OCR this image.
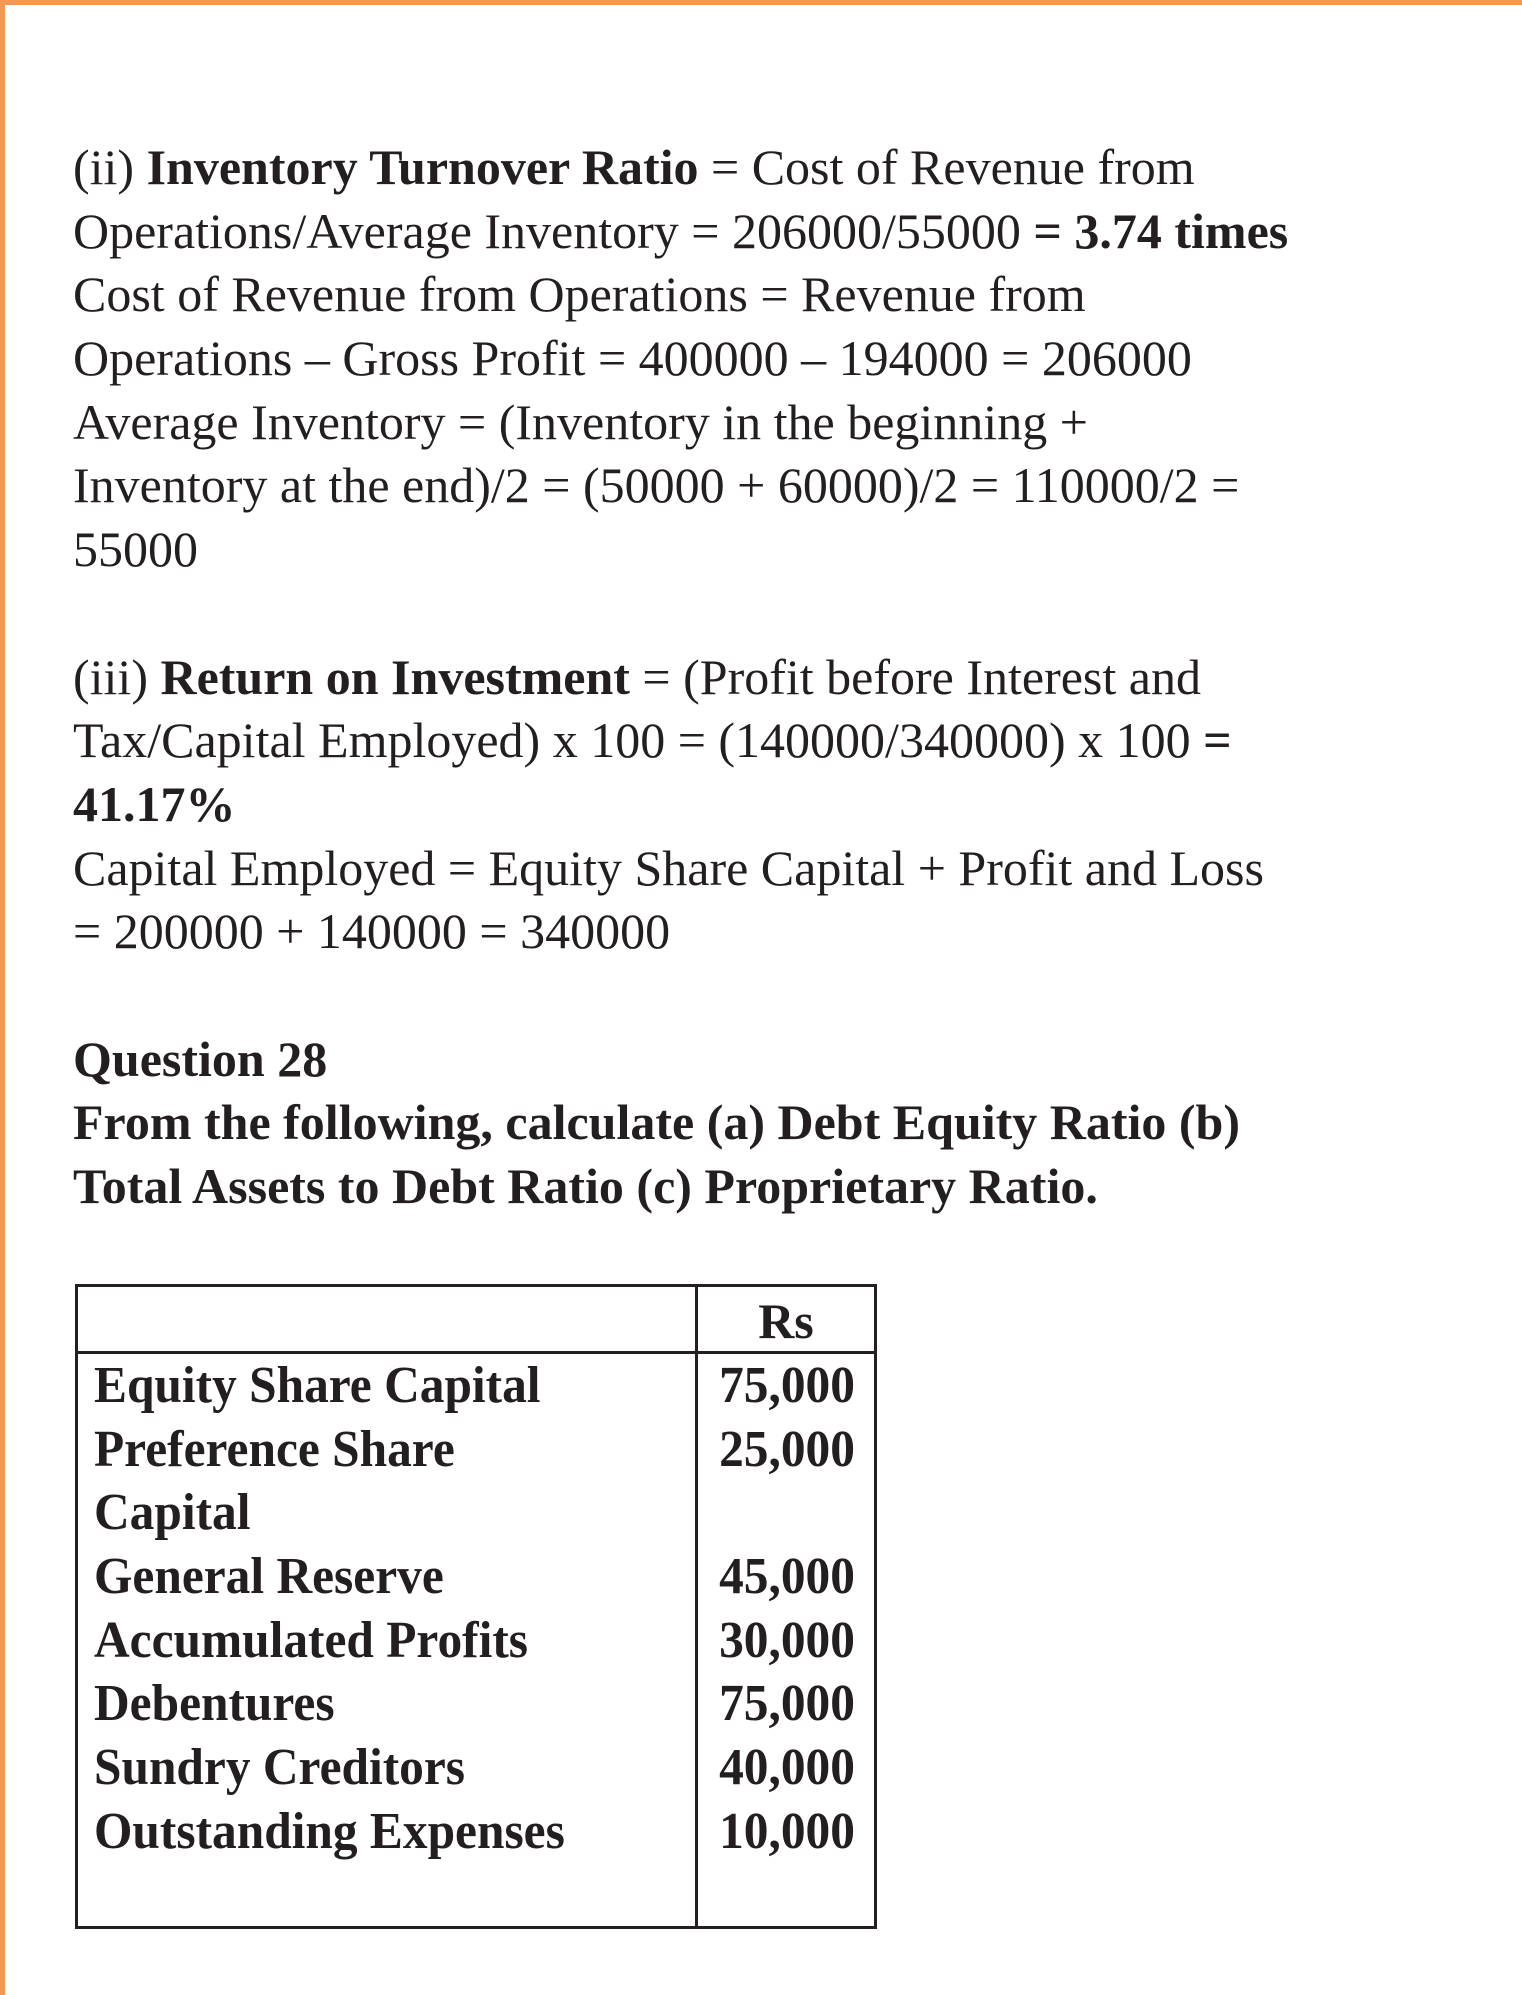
(ii) Inventory Turnover Ratio = Cost of Revenue from
Operations/Average Inventory = 206000/55000 = 3.74 times
Cost of Revenue from Operations = Revenue from
Operations – Gross Profit = 400000 – 194000 = 206000
Average Inventory = (Inventory in the beginning +
Inventory at the end)/2 = (50000 + 60000)/2 = 110000/2 =
55000
(iii) Return on Investment = (Profit before Interest and
Tax/Capital Employed) x 100 = (140000/340000) x 100 =
41.17%
Capital Employed = Equity Share Capital + Profit and Loss
= 200000 + 140000 = 340000
Question 28
From the following, calculate (a) Debt Equity Ratio (b)
Total Assets to Debt Ratio (c) Proprietary Ratio.
Rs
Equity Share Capital	75,000
Preference Share	25,000
Capital
General Reserve	45,000
Accumulated Profits	30,000
Debentures	75,000
Sundry Creditors	40,000
Outstanding Expenses	10,000
